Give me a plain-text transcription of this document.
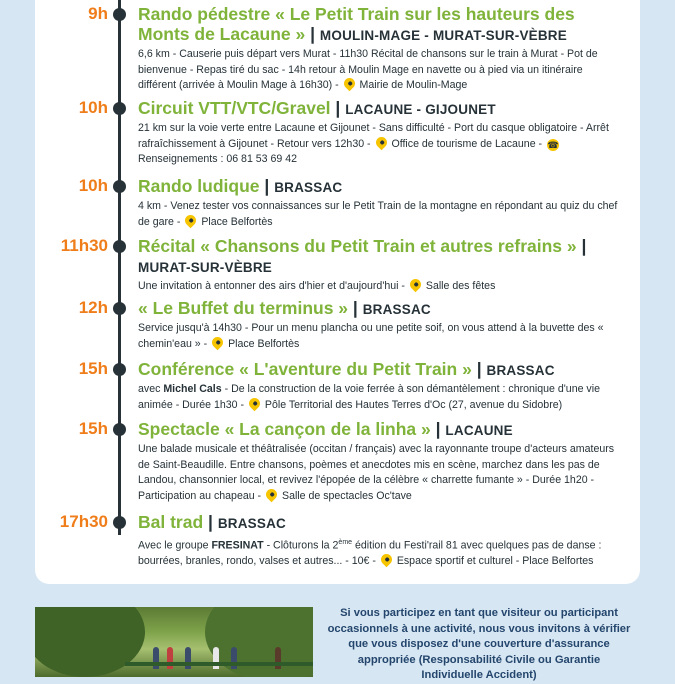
9h Rando pédestre « Le Petit Train sur les hauteurs des Monts de Lacaune » | MOULIN-MAGE - MURAT-SUR-VÈBRE
6,6 km - Causerie puis départ vers Murat - 11h30 Récital de chansons sur le train à Murat - Pot de bienvenue - Repas tiré du sac - 14h retour à Moulin Mage en navette ou à pied via un itinéraire différent (arrivée à Moulin Mage à 16h30) - Mairie de Moulin-Mage
10h Circuit VTT/VTC/Gravel | LACAUNE - GIJOUNET
21 km sur la voie verte entre Lacaune et Gijounet - Sans difficulté - Port du casque obligatoire - Arrêt rafraîchissement à Gijounet - Retour vers 12h30 - Office de tourisme de Lacaune - ☎ Renseignements : 06 81 53 69 42
10h Rando ludique | BRASSAC
4 km - Venez tester vos connaissances sur le Petit Train de la montagne en répondant au quiz du chef de gare - Place Belfortès
11h30 Récital « Chansons du Petit Train et autres refrains » | MURAT-SUR-VÈBRE
Une invitation à entonner des airs d'hier et d'aujourd'hui - Salle des fêtes
12h « Le Buffet du terminus » | BRASSAC
Service jusqu'à 14h30 - Pour un menu plancha ou une petite soif, on vous attend à la buvette des « chemin'eau » - Place Belfortès
15h Conférence « L'aventure du Petit Train » | BRASSAC
avec Michel Cals - De la construction de la voie ferrée à son démantèlement : chronique d'une vie animée - Durée 1h30 - Pôle Territorial des Hautes Terres d'Oc (27, avenue du Sidobre)
15h Spectacle « La cançon de la linha » | LACAUNE
Une balade musicale et théâtralisée (occitan / français) avec la rayonnante troupe d'acteurs amateurs de Saint-Beaudille. Entre chansons, poèmes et anecdotes mis en scène, marchez dans les pas de Landou, chansonnier local, et revivez l'épopée de la célèbre « charrette fumante » - Durée 1h20 - Participation au chapeau - Salle de spectacles Oc'tave
17h30 Bal trad | BRASSAC
Avec le groupe FRESINAT - Clôturons la 2ème édition du Festi'rail 81 avec quelques pas de danse : bourrées, branles, rondo, valses et autres... - 10€ - Espace sportif et culturel - Place Belfortes
Si vous participez en tant que visiteur ou participant occasionnels à une activité, nous vous invitons à vérifier que vous disposez d'une couverture d'assurance appropriée (Responsabilité Civile ou Garantie Individuelle Accident)
